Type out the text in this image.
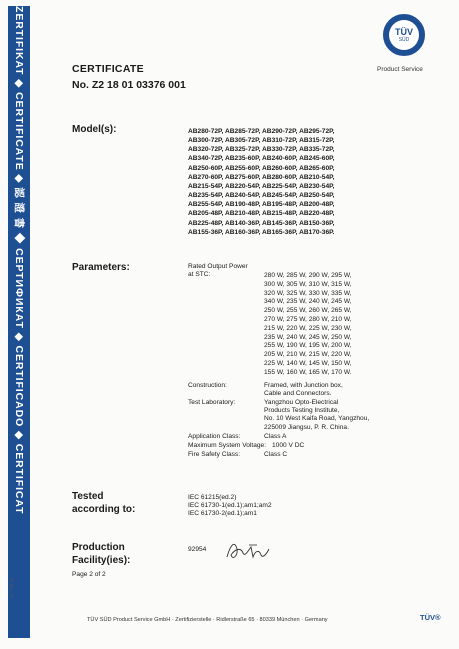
ZERTIFIKAT ◆ CERTIFICATE ◆ 認 證 書 ◆ СЕРТИФИКАТ ◆ CERTIFICADO ◆ CERTIFICAT
A1 / 04.11
TÜV
SÜD
Product Service
CERTIFICATE
No. Z2 18 01 03376 001
Model(s):	AB280-72P, AB285-72P, AB290-72P, AB295-72P,
AB300-72P, AB305-72P, AB310-72P, AB315-72P,
AB320-72P, AB325-72P, AB330-72P, AB335-72P,
AB340-72P, AB235-60P, AB240-60P, AB245-60P,
AB250-60P, AB255-60P, AB260-60P, AB265-60P,
AB270-60P, AB275-60P, AB280-60P, AB210-54P,
AB215-54P, AB220-54P, AB225-54P, AB230-54P,
AB235-54P, AB240-54P, AB245-54P, AB250-54P,
AB255-54P, AB190-48P, AB195-48P, AB200-48P,
AB205-48P, AB210-48P, AB215-48P, AB220-48P,
AB225-48P, AB140-36P, AB145-36P, AB150-36P,
AB155-36P, AB160-36P, AB165-36P, AB170-36P.
Parameters:	Rated Output Power
at STC:	280 W, 285 W, 290 W, 295 W,
300 W, 305 W, 310 W, 315 W,
320 W, 325 W, 330 W, 335 W,
340 W, 235 W, 240 W, 245 W,
250 W, 255 W, 260 W, 265 W,
270 W, 275 W, 280 W, 210 W,
215 W, 220 W, 225 W, 230 W,
235 W, 240 W, 245 W, 250 W,
255 W, 190 W, 195 W, 200 W,
205 W, 210 W, 215 W, 220 W,
225 W, 140 W, 145 W, 150 W,
155 W, 160 W, 165 W, 170 W.
Construction:	Framed, with Junction box,
Cable and Connectors.
Test Laboratory:	Yangzhou Opto-Electrical
Products Testing Institute,
No. 10 West Kaifa Road, Yangzhou,
225009 Jiangsu, P. R. China.
Application Class:	Class A
Maximum System Voltage: 1000 V DC
Fire Safety Class:	Class C
Tested
according to:
IEC 61215(ed.2)
IEC 61730-1(ed.1);am1;am2
IEC 61730-2(ed.1);am1
Production
Facility(ies):
92954
Page 2 of 2
TÜV SÜD Product Service GmbH · Zertifizierstelle · Ridlerstraße 65 · 80339 München · Germany	TÜV®
